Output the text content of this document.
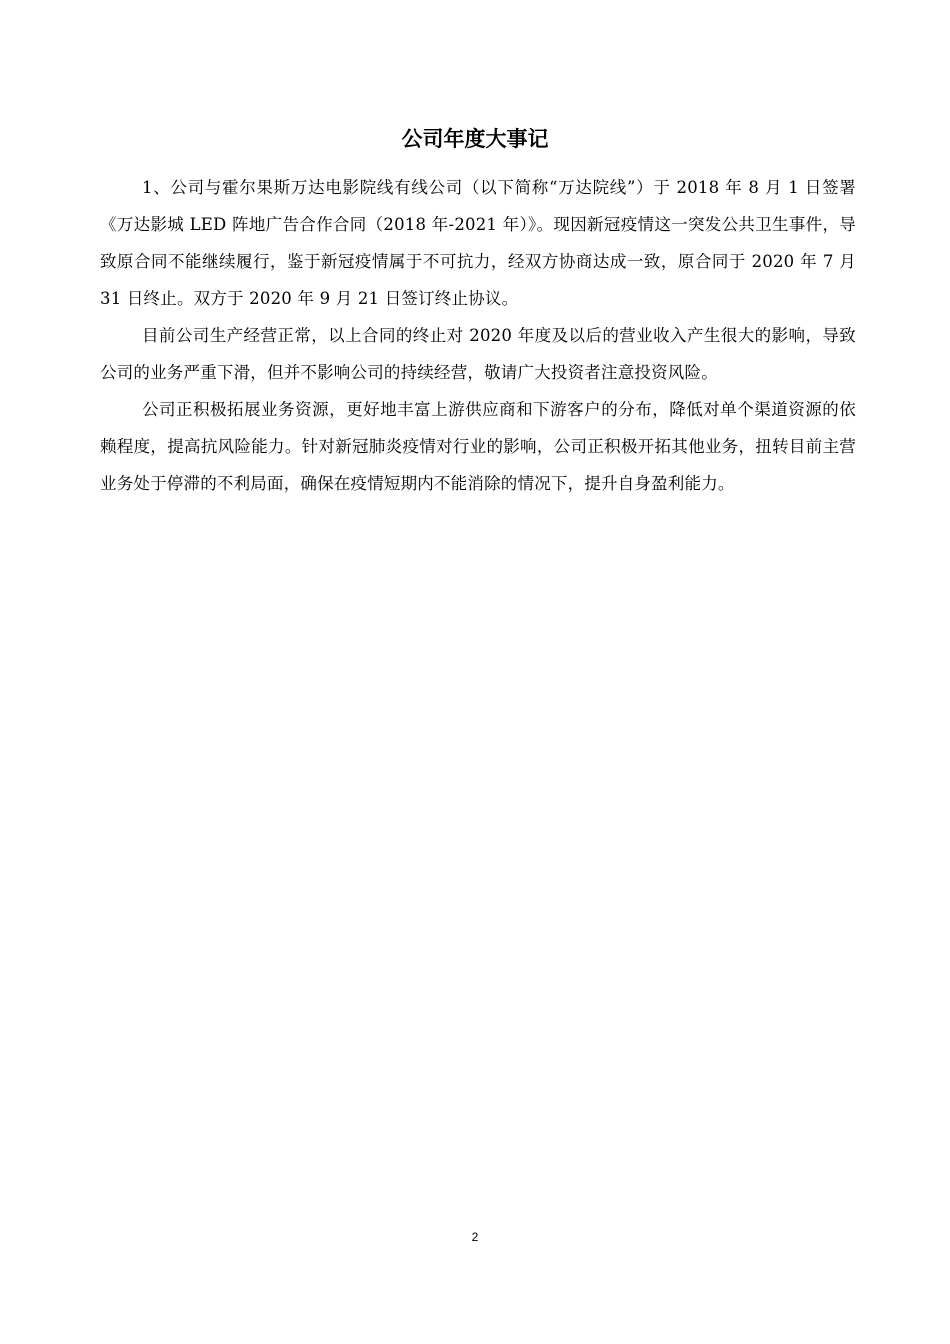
公司年度大事记

1、公司与霍尔果斯万达电影院线有线公司（以下简称“万达院线”）于 2018 年 8 月 1 日签署《万达影城 LED 阵地广告合作合同（2018 年-2021 年）》。现因新冠疫情这一突发公共卫生事件，导致原合同不能继续履行，鉴于新冠疫情属于不可抗力，经双方协商达成一致，原合同于 2020 年 7 月 31 日终止。双方于 2020 年 9 月 21 日签订终止协议。

目前公司生产经营正常，以上合同的终止对 2020 年度及以后的营业收入产生很大的影响，导致公司的业务严重下滑，但并不影响公司的持续经营，敬请广大投资者注意投资风险。

公司正积极拓展业务资源，更好地丰富上游供应商和下游客户的分布，降低对单个渠道资源的依赖程度，提高抗风险能力。针对新冠肺炎疫情对行业的影响，公司正积极开拓其他业务，扭转目前主营业务处于停滞的不利局面，确保在疫情短期内不能消除的情况下，提升自身盈利能力。

2
